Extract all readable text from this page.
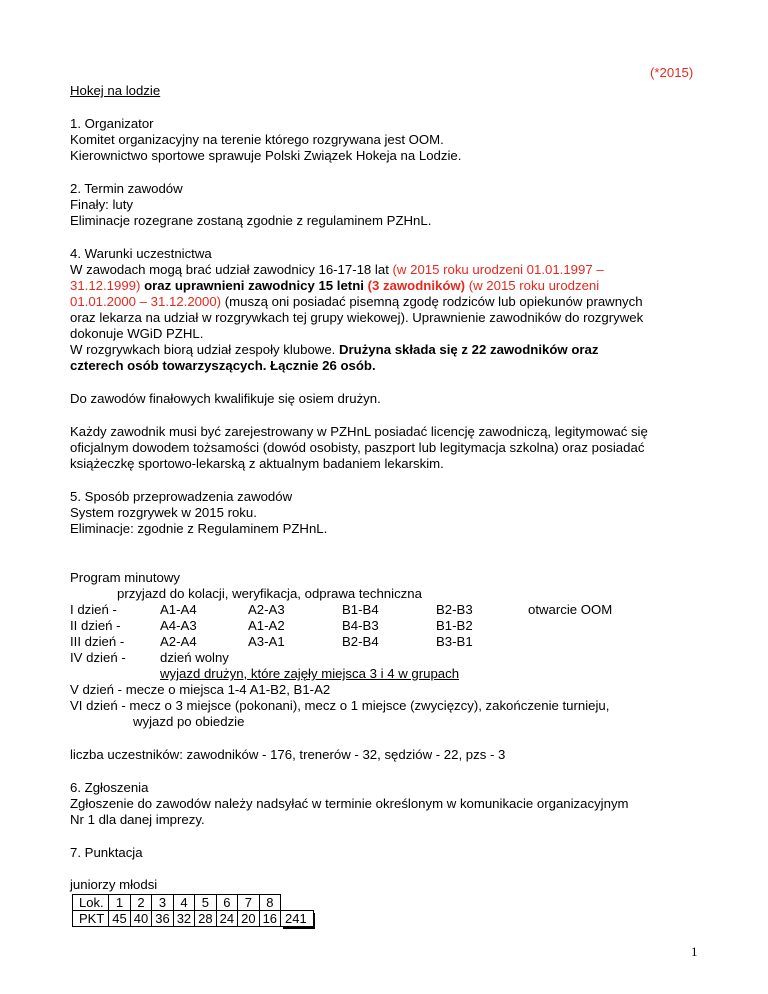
(*2015)
Hokej na lodzie
1. Organizator
Komitet organizacyjny na terenie którego rozgrywana jest OOM.
Kierownictwo sportowe sprawuje Polski Związek Hokeja na Lodzie.
2. Termin zawodów
Finały: luty
Eliminacje rozegrane zostaną zgodnie z regulaminem PZHnL.
4. Warunki uczestnictwa
W zawodach mogą brać udział zawodnicy 16-17-18 lat (w 2015 roku urodzeni 01.01.1997 –
31.12.1999) oraz uprawnieni zawodnicy 15 letni (3 zawodników) (w 2015 roku urodzeni
01.01.2000 – 31.12.2000) (muszą oni posiadać pisemną zgodę rodziców lub opiekunów prawnych
oraz lekarza na udział w rozgrywkach tej grupy wiekowej). Uprawnienie zawodników do rozgrywek
dokonuje WGiD PZHL.
W rozgrywkach biorą udział zespoły klubowe. Drużyna składa się z 22 zawodników oraz
czterech osób towarzyszących. Łącznie 26 osób.
Do zawodów finałowych kwalifikuje się osiem drużyn.
Każdy zawodnik musi być zarejestrowany w PZHnL posiadać licencję zawodniczą, legitymować się
oficjalnym dowodem tożsamości (dowód osobisty, paszport lub legitymacja szkolna) oraz posiadać
książeczkę sportowo-lekarską z aktualnym badaniem lekarskim.
5. Sposób przeprowadzenia zawodów
System rozgrywek w 2015 roku.
Eliminacje: zgodnie z Regulaminem PZHnL.
Program minutowy
przyjazd do kolacji, weryfikacja, odprawa techniczna
I dzień -	A1-A4	A2-A3	B1-B4	B2-B3	otwarcie OOM
II dzień -	A4-A3	A1-A2	B4-B3	B1-B2
III dzień -	A2-A4	A3-A1	B2-B4	B3-B1
IV dzień -	dzień wolny
wyjazd drużyn, które zajęły miejsca 3 i 4 w grupach
V dzień - mecze o miejsca 1-4 A1-B2, B1-A2
VI dzień - mecz o 3 miejsce (pokonani), mecz o 1 miejsce (zwycięzcy), zakończenie turnieju,
wyjazd po obiedzie
liczba uczestników: zawodników - 176, trenerów - 32, sędziów - 22, pzs - 3
6. Zgłoszenia
Zgłoszenie do zawodów należy nadsyłać w terminie określonym w komunikacie organizacyjnym
Nr 1 dla danej imprezy.
7. Punktacja
Lok.	1	2	3	4	5	6	7	8	
PKT	45	40	36	32	28	24	20	16	241
juniorzy młodsi
1
